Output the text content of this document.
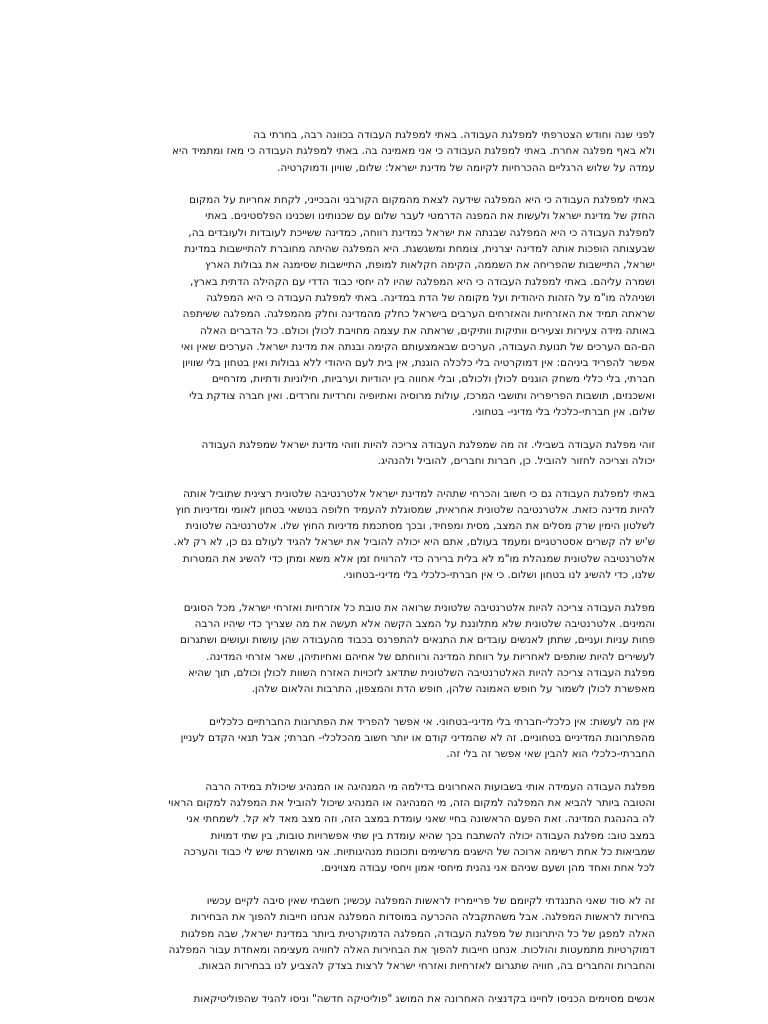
לפני שנה וחודש הצטרפתי למפלגת העבודה. באתי למפלגת העבודה בכוונה רבה, בחרתי בה
ולא באף מפלגה אחרת. באתי למפלגת העבודה כי אני מאמינה בה. באתי למפלגת העבודה כי מאז ומתמיד היא
עמדה על שלוש הרגליים ההכרחיות לקיומה של מדינת ישראל: שלום, שוויון ודמוקרטיה.

באתי למפלגת העבודה כי היא המפלגה שידעה לצאת מהמקום הקורבני והבכייני, לקחת אחריות על המקום
החזק של מדינת ישראל ולעשות את המפנה הדרמטי לעבר שלום עם שכנותינו ושכנינו הפלסטינים. באתי
למפלגת העבודה כי היא המפלגה שבנתה את ישראל כמדינת רווחה, כמדינה ששייכת לעובדות ולעובדים בה,
שבעצותה הופכות אותה למדינה יצרנית, צומחת ומשגשגת. היא המפלגה שהיתה מחוברת להתיישבות במדינת
ישראל, התיישבות שהפריחה את השממה, הקימה חקלאות למופת, התיישבות שסימנה את גבולות הארץ
ושמרה עליהם. באתי למפלגת העבודה כי היא המפלגה שהיו לה יחסי כבוד הדדי עם הקהילה הדתית בארץ,
ושניהלה מו"מ על הזהות היהודית ועל מקומה של הדת במדינה. באתי למפלגת העבודה כי היא המפלגה
שראתה תמיד את האזרחיות והאזרחים הערבים בישראל כחלק מהמדינה וחלק מהמפלגה. המפלגה ששיתפה
באותה מידה צעירות וצעירים וותיקות וותיקים, שראתה את עצמה מחויבת לכולן וכולם. כל הדברים האלה
הם-הם הערכים של תנועת העבודה, הערכים שבאמצעותם הקימה ובנתה את מדינת ישראל. הערכים שאין ואי
אפשר להפריד ביניהם: אין דמוקרטיה בלי כלכלה הוגנת, אין בית לעם היהודי ללא גבולות ואין בטחון בלי שוויון
חברתי, בלי כללי משחק הוגנים לכולן ולכולם, ובלי אחווה בין יהודיות וערביות, חילוניות ודתיות, מזרחיים
ואשכנזים, תושבות הפריפריה ותושבי המרכז, עולות מרוסיה ואתיופיה וחרדיות וחרדים. ואין חברה צודקת בלי
שלום. אין חברתי-כלכלי בלי מדיני- בטחוני.

זוהי מפלגת העבודה בשבילי. זה מה שמפלגת העבודה צריכה להיות וזוהי מדינת ישראל שמפלגת העבודה
יכולה וצריכה לחזור להוביל. כן, חברות וחברים, להוביל ולהנהיג.

באתי למפלגת העבודה גם כי חשוב והכרחי שתהיה למדינת ישראל אלטרנטיבה שלטונית רצינית שתוביל אותה
להיות מדינה כזאת. אלטרנטיבה שלטונית אחראית, שמסוגלת להעמיד חלופה בנושאי בטחון לאומי ומדיניות חוץ
לשלטון הימין שרק מסלים את המצב, מסית ומפחיד, ובכך מסתכמת מדיניות החוץ שלו. אלטרנטיבה שלטונית
ש'יש לה קשרים אסטרטגיים ומעמד בעולם, אתם היא יכולה להוביל את ישראל להגיד לעולם גם כן, לא רק לא.
אלטרנטיבה שלטונית שמנהלת מו"מ לא בלית ברירה כדי להרוויח זמן אלא משא ומתן כדי להשיג את המטרות
שלנו, כדי להשיג לנו בטחון ושלום. כי אין חברתי-כלכלי בלי מדיני-בטחוני.

מפלגת העבודה צריכה להיות אלטרנטיבה שלטונית שרואה את טובת כל אזרחיות ואזרחי ישראל, מכל הסוגים
והמינים. אלטרנטיבה שלטונית שלא מתלוננת על המצב הקשה אלא תעשה את מה שצריך כדי שיהיו הרבה
פחות עניות ועניים, שתתן לאנשים עובדים את התנאים להתפרנס בכבוד מהעבודה שהן עושות ועושים ושתגרום
לעשירים להיות שותפים לאחריות על רווחת המדינה ורווחתם של אחיהם ואחיותיהן, שאר אזרחי המדינה.
מפלגת העבודה צריכה להיות האלטרנטיבה השלטונית שתדאג לזכויות האזרח השוות לכולן וכולם, תוך שהיא
מאפשרת לכולן לשמור על חופש האמונה שלהן, חופש הדת והמצפון, התרבות והלאום שלהן.

אין מה לעשות: אין כלכלי-חברתי בלי מדיני-בטחוני. אי אפשר להפריד את הפתרונות החברתיים כלכליים
מהפתרונות המדיניים בטחוניים. זה לא שהמדיני קודם או יותר חשוב מהכלכלי- חברתי; אבל תנאי הקדם לעניין
החברתי-כלכלי הוא להבין שאי אפשר זה בלי זה.

מפלגת העבודה העמידה אותי בשבועות האחרונים בדילמה מי המנהיגה או המנהיג שיכולת במידה הרבה
והטובה ביותר להביא את המפלגה למקום הזה, מי המנהיגה או המנהיג שיכול להוביל את המפלגה למקום הראוי
לה בהנהגת המדינה. זאת הפעם הראשונה בחיי שאני עומדת במצב הזה, וזה מצב מאד לא קל. לשמחתי אני
במצב טוב: מפלגת העבודה יכולה להשתבח בכך שהיא עומדת בין שתי אפשרויות טובות, בין שתי דמויות
שמביאות כל אחת רשימה ארוכה של הישגים מרשימים ותכונות מנהיגותיות. אני מאושרת שיש לי כבוד והערכה
לכל אחת ואחד מהן ושעם שניהם אני נהנית מיחסי אמון ויחסי עבודה מצוינים.

זה לא סוד שאני התנגדתי לקיומם של פריימריז לראשות המפלגה עכשיו; חשבתי שאין סיבה לקיים עכשיו
בחירות לראשות המפלגה. אבל משהתקבלה ההכרעה במוסדות המפלגה אנחנו חייבות להפוך את הבחירות
האלה למפגן של כל היתרונות של מפלגת העבודה, המפלגה הדמוקרטית ביותר במדינת ישראל, שבה מפלגות
דמוקרטיות מתמעטות והולכות. אנחנו חייבות להפוך את הבחירות האלה לחוויה מעצימה ומאחדת עבור המפלגה
והחברות והחברים בה, חוויה שתגרום לאזרחיות ואזרחי ישראל לרצות בצדק להצביע לנו בבחירות הבאות.

אנשים מסוימים הכניסו לחיינו בקדנציה האחרונה את המושג "פוליטיקה חדשה" וניסו להגיד שהפוליטיקאות
